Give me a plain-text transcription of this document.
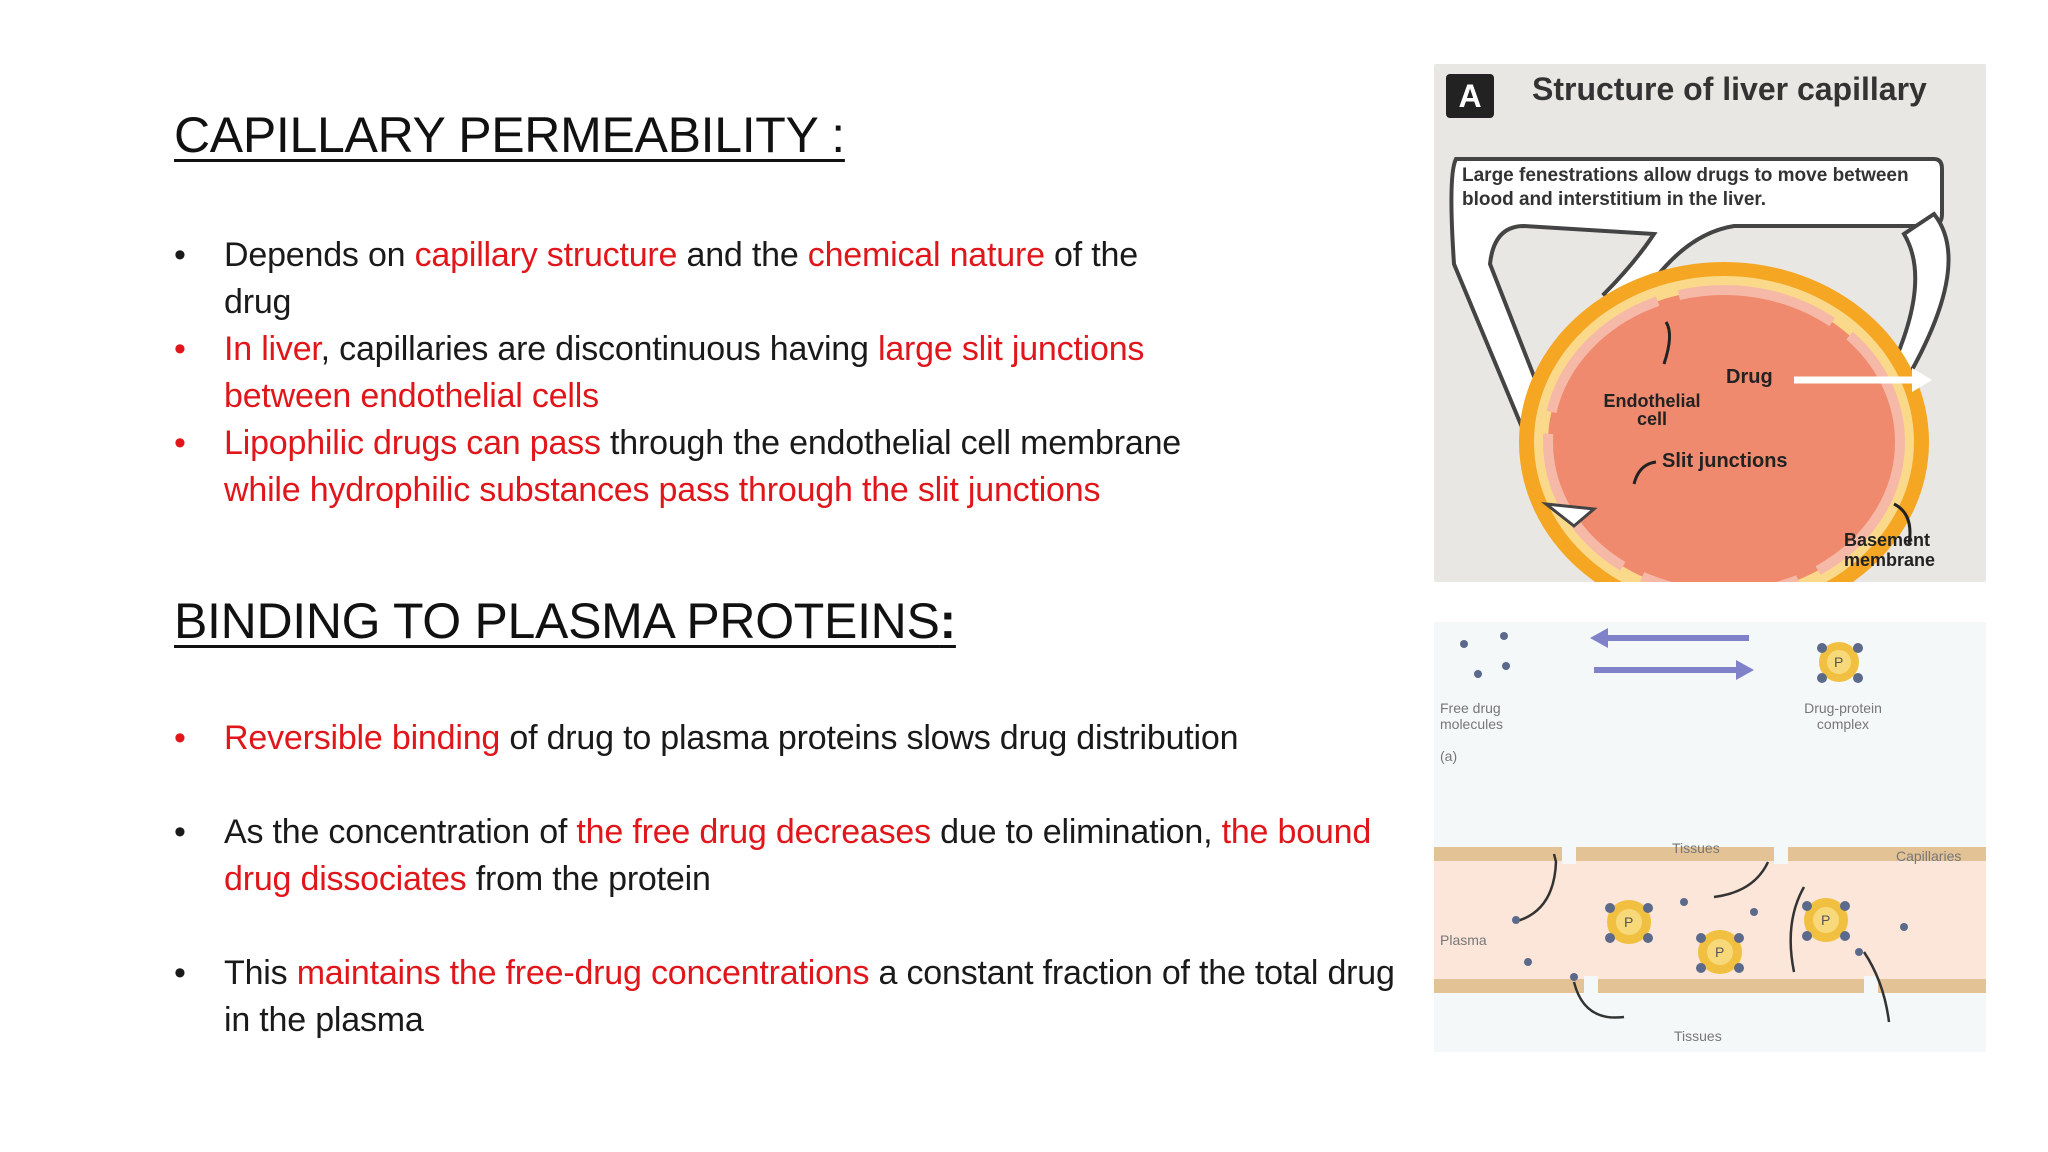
CAPILLARY PERMEABILITY :
• Depends on capillary structure and the chemical nature of the drug
• In liver, capillaries are discontinuous having large slit junctions between endothelial cells
• Lipophilic drugs can pass through the endothelial cell membrane while hydrophilic substances pass through the slit junctions
BINDING TO PLASMA PROTEINS:
• Reversible binding of drug to plasma proteins slows drug distribution
• As the concentration of the free drug decreases due to elimination, the bound drug dissociates from the protein
• This maintains the free-drug concentrations a constant fraction of the total drug in the plasma
A	Structure of liver capillary
Large fenestrations allow drugs to move between blood and interstitium in the liver.
Drug
Endothelial cell
Slit junctions
Basement membrane
Free drug molecules
(a)
Drug-protein complex
Tissues	Capillaries
Plasma
Tissues
P
P
P
P
